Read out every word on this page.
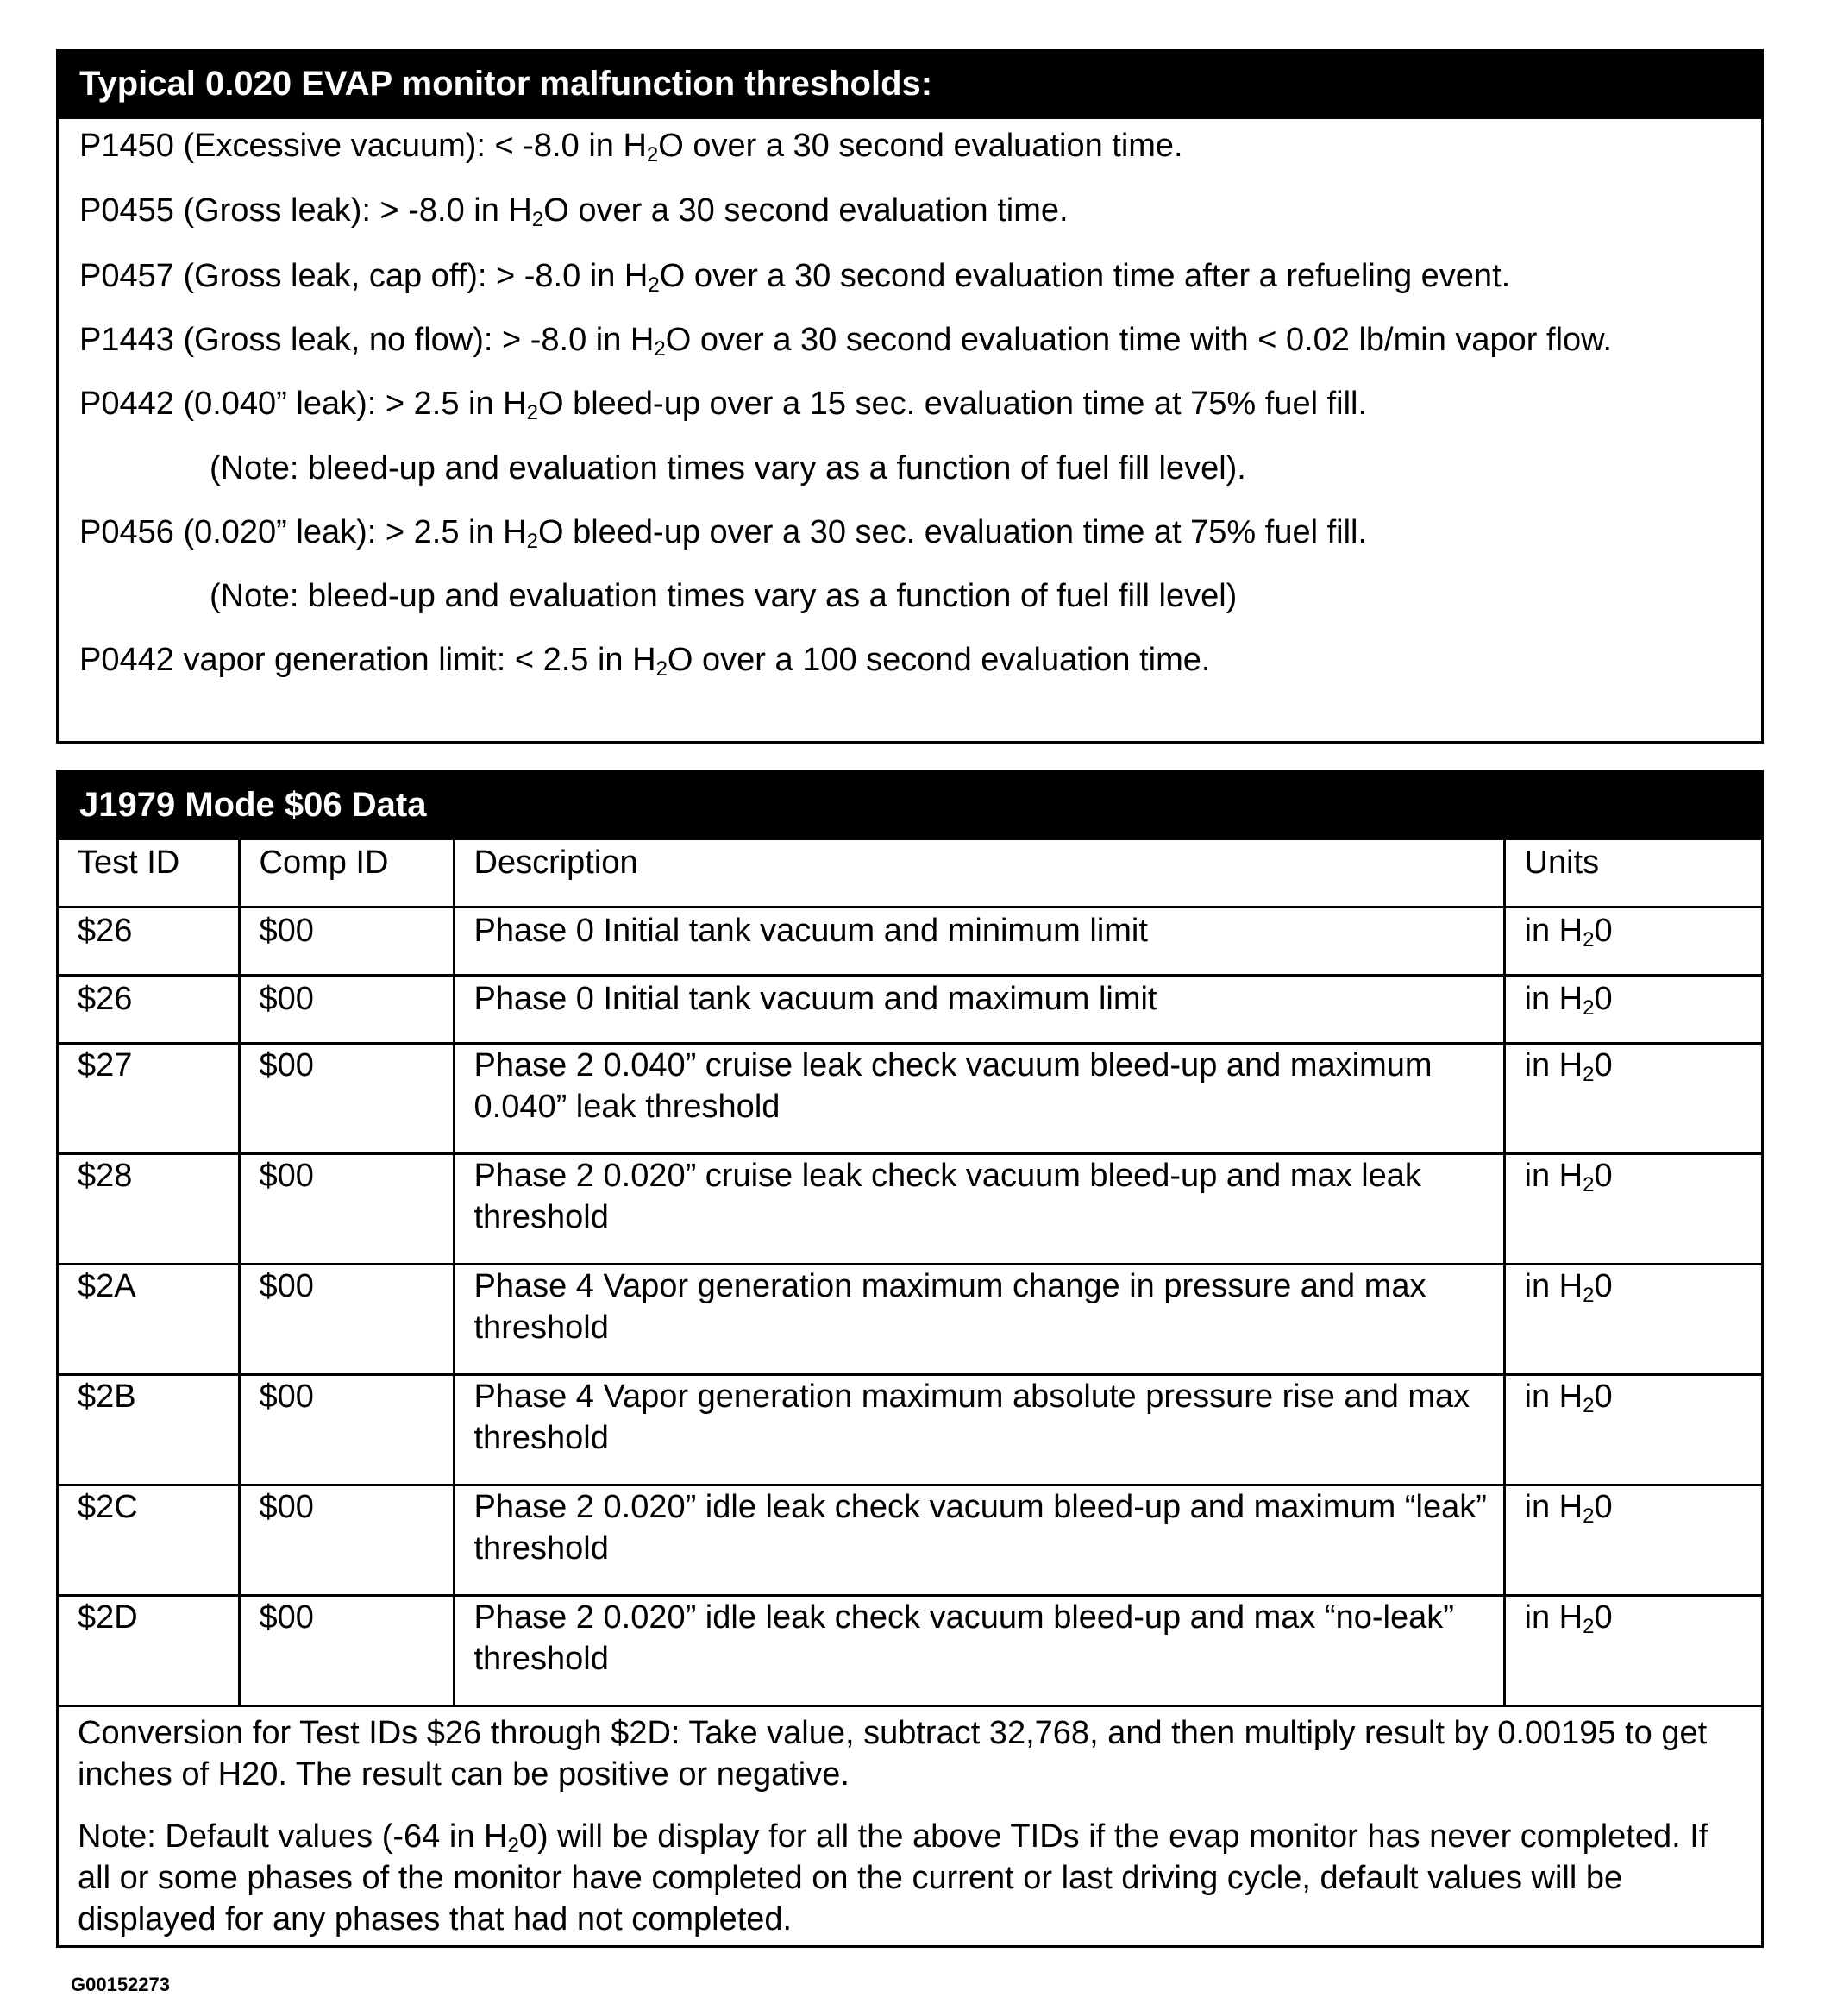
Typical 0.020 EVAP monitor malfunction thresholds:
P1450 (Excessive vacuum): < -8.0 in $H_2O$ over a 30 second evaluation time.
P0455 (Gross leak): > -8.0 in $H_2O$ over a 30 second evaluation time.
P0457 (Gross leak, cap off): > -8.0 in $H_2O$ over a 30 second evaluation time after a refueling event.
P1443 (Gross leak, no flow): > -8.0 in $H_2O$ over a 30 second evaluation time with < 0.02 lb/min vapor flow.
P0442 (0.040” leak): > 2.5 in $H_2O$ bleed-up over a 15 sec. evaluation time at 75% fuel fill.
(Note: bleed-up and evaluation times vary as a function of fuel fill level).
P0456 (0.020” leak): > 2.5 in $H_2O$ bleed-up over a 30 sec. evaluation time at 75% fuel fill.
(Note: bleed-up and evaluation times vary as a function of fuel fill level)
P0442 vapor generation limit: < 2.5 in $H_2O$ over a 100 second evaluation time.
J1979 Mode $06 Data
Test ID	Comp ID	Description	Units
$26	$00	Phase 0 Initial tank vacuum and minimum limit	in $H_20$
$26	$00	Phase 0 Initial tank vacuum and maximum limit	in $H_20$
$27	$00	Phase 2 0.040” cruise leak check vacuum bleed-up and maximum 0.040” leak threshold	in $H_20$
$28	$00	Phase 2 0.020” cruise leak check vacuum bleed-up and max leak threshold	in $H_20$
$2A	$00	Phase 4 Vapor generation maximum change in pressure and max threshold	in $H_20$
$2B	$00	Phase 4 Vapor generation maximum absolute pressure rise and max threshold	in $H_20$
$2C	$00	Phase 2 0.020” idle leak check vacuum bleed-up and maximum “leak” threshold	in $H_20$
$2D	$00	Phase 2 0.020” idle leak check vacuum bleed-up and max “no-leak” threshold	in $H_20$

Conversion for Test IDs $26 through $2D: Take value, subtract 32,768, and then multiply result by 0.00195 to get inches of H20. The result can be positive or negative.

Note: Default values (-64 in $H_20$) will be display for all the above TIDs if the evap monitor has never completed. If all or some phases of the monitor have completed on the current or last driving cycle, default values will be displayed for any phases that had not completed.			

G00152273
